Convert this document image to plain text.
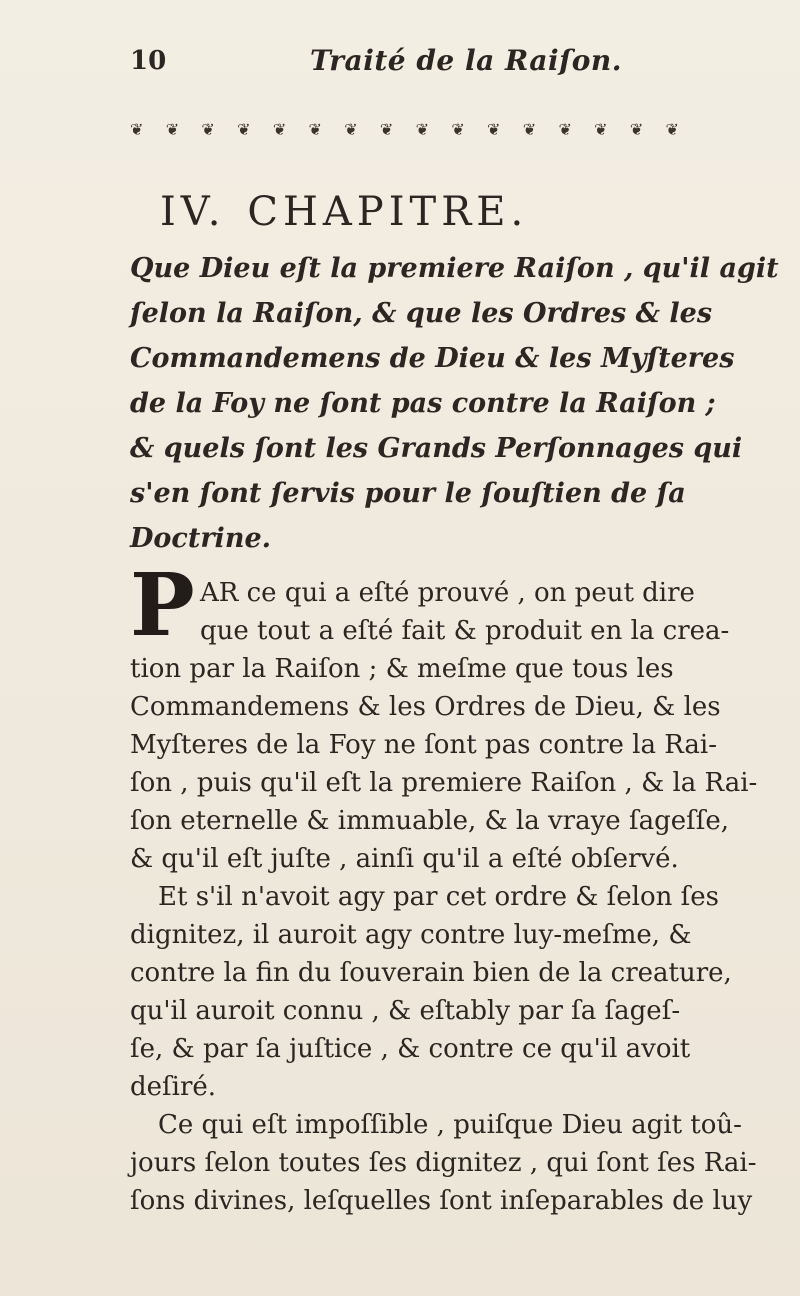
10	Traité de la Raiſon.
❦ ❦ ❦ ❦ ❦ ❦ ❦ ❦ ❦ ❦ ❦ ❦ ❦ ❦ ❦ ❦
IV. CHAPITRE.

Que Dieu eſt la premiere Raiſon , qu'il agit
ſelon la Raiſon, & que les Ordres & les
Commandemens de Dieu & les Myſteres
de la Foy ne ſont pas contre la Raiſon ;
& quels ſont les Grands Perſonnages qui
s'en ſont ſervis pour le ſouſtien de ſa
Doctrine.

P AR ce qui a eſté prouvé , on peut dire
que tout a eſté fait & produit en la crea-
tion par la Raiſon ; & meſme que tous les
Commandemens & les Ordres de Dieu, & les
Myſteres de la Foy ne ſont pas contre la Rai-
ſon , puis qu'il eſt la premiere Raiſon , & la Rai-
ſon eternelle & immuable, & la vraye ſageſſe,
& qu'il eſt juſte , ainſi qu'il a eſté obſervé.
Et s'il n'avoit agy par cet ordre & ſelon ſes
dignitez, il auroit agy contre luy-meſme, &
contre la fin du ſouverain bien de la creature,
qu'il auroit connu , & eſtably par ſa ſageſ-
ſe, & par ſa juſtice , & contre ce qu'il avoit
deſiré.
Ce qui eſt impoſſible , puiſque Dieu agit toû-
jours ſelon toutes ſes dignitez , qui ſont ſes Rai-
ſons divines, leſquelles ſont inſeparables de luy
